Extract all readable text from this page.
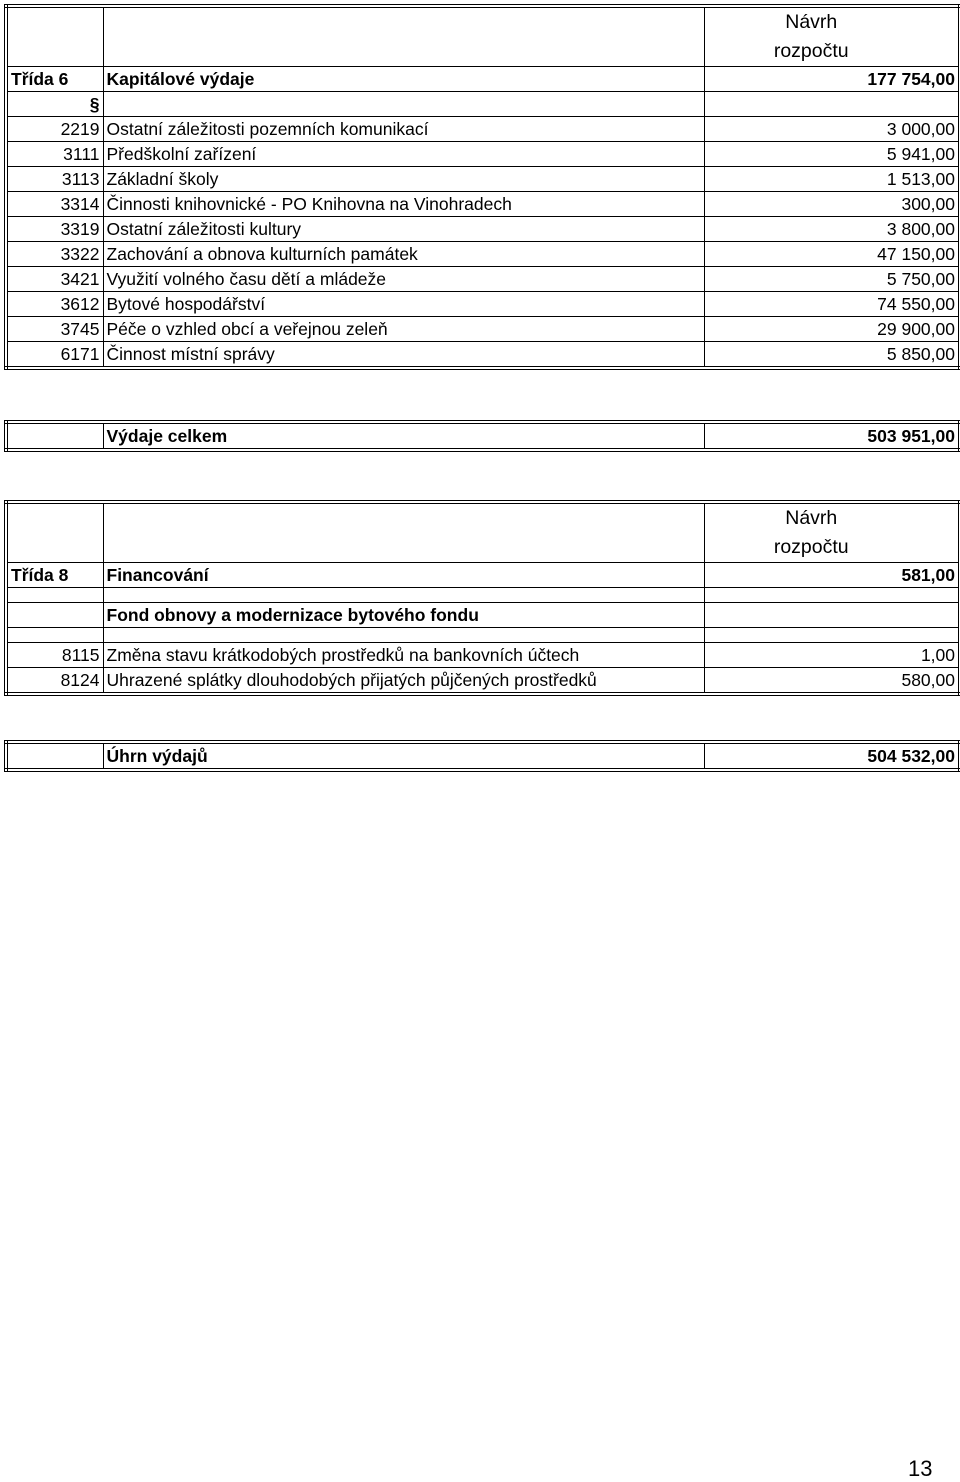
		Návrh
rozpočtu
Třída 6	Kapitálové výdaje	177 754,00
§		
2219	Ostatní záležitosti pozemních komunikací	3 000,00
3111	Předškolní zařízení	5 941,00
3113	Základní školy	1 513,00
3314	Činnosti knihovnické - PO Knihovna na Vinohradech	300,00
3319	Ostatní záležitosti kultury	3 800,00
3322	Zachování a obnova kulturních památek	47 150,00
3421	Využití volného času dětí a mládeže	5 750,00
3612	Bytové hospodářství	74 550,00
3745	Péče o vzhled obcí a veřejnou zeleň	29 900,00
6171	Činnost místní správy	5 850,00
	Výdaje celkem	503 951,00
		Návrh
rozpočtu
Třída 8	Financování	581,00

	Fond obnovy a modernizace bytového fondu	

8115	Změna stavu krátkodobých prostředků na bankovních účtech	1,00
8124	Uhrazené splátky dlouhodobých přijatých půjčených prostředků	580,00
	Úhrn výdajů	504 532,00
13
